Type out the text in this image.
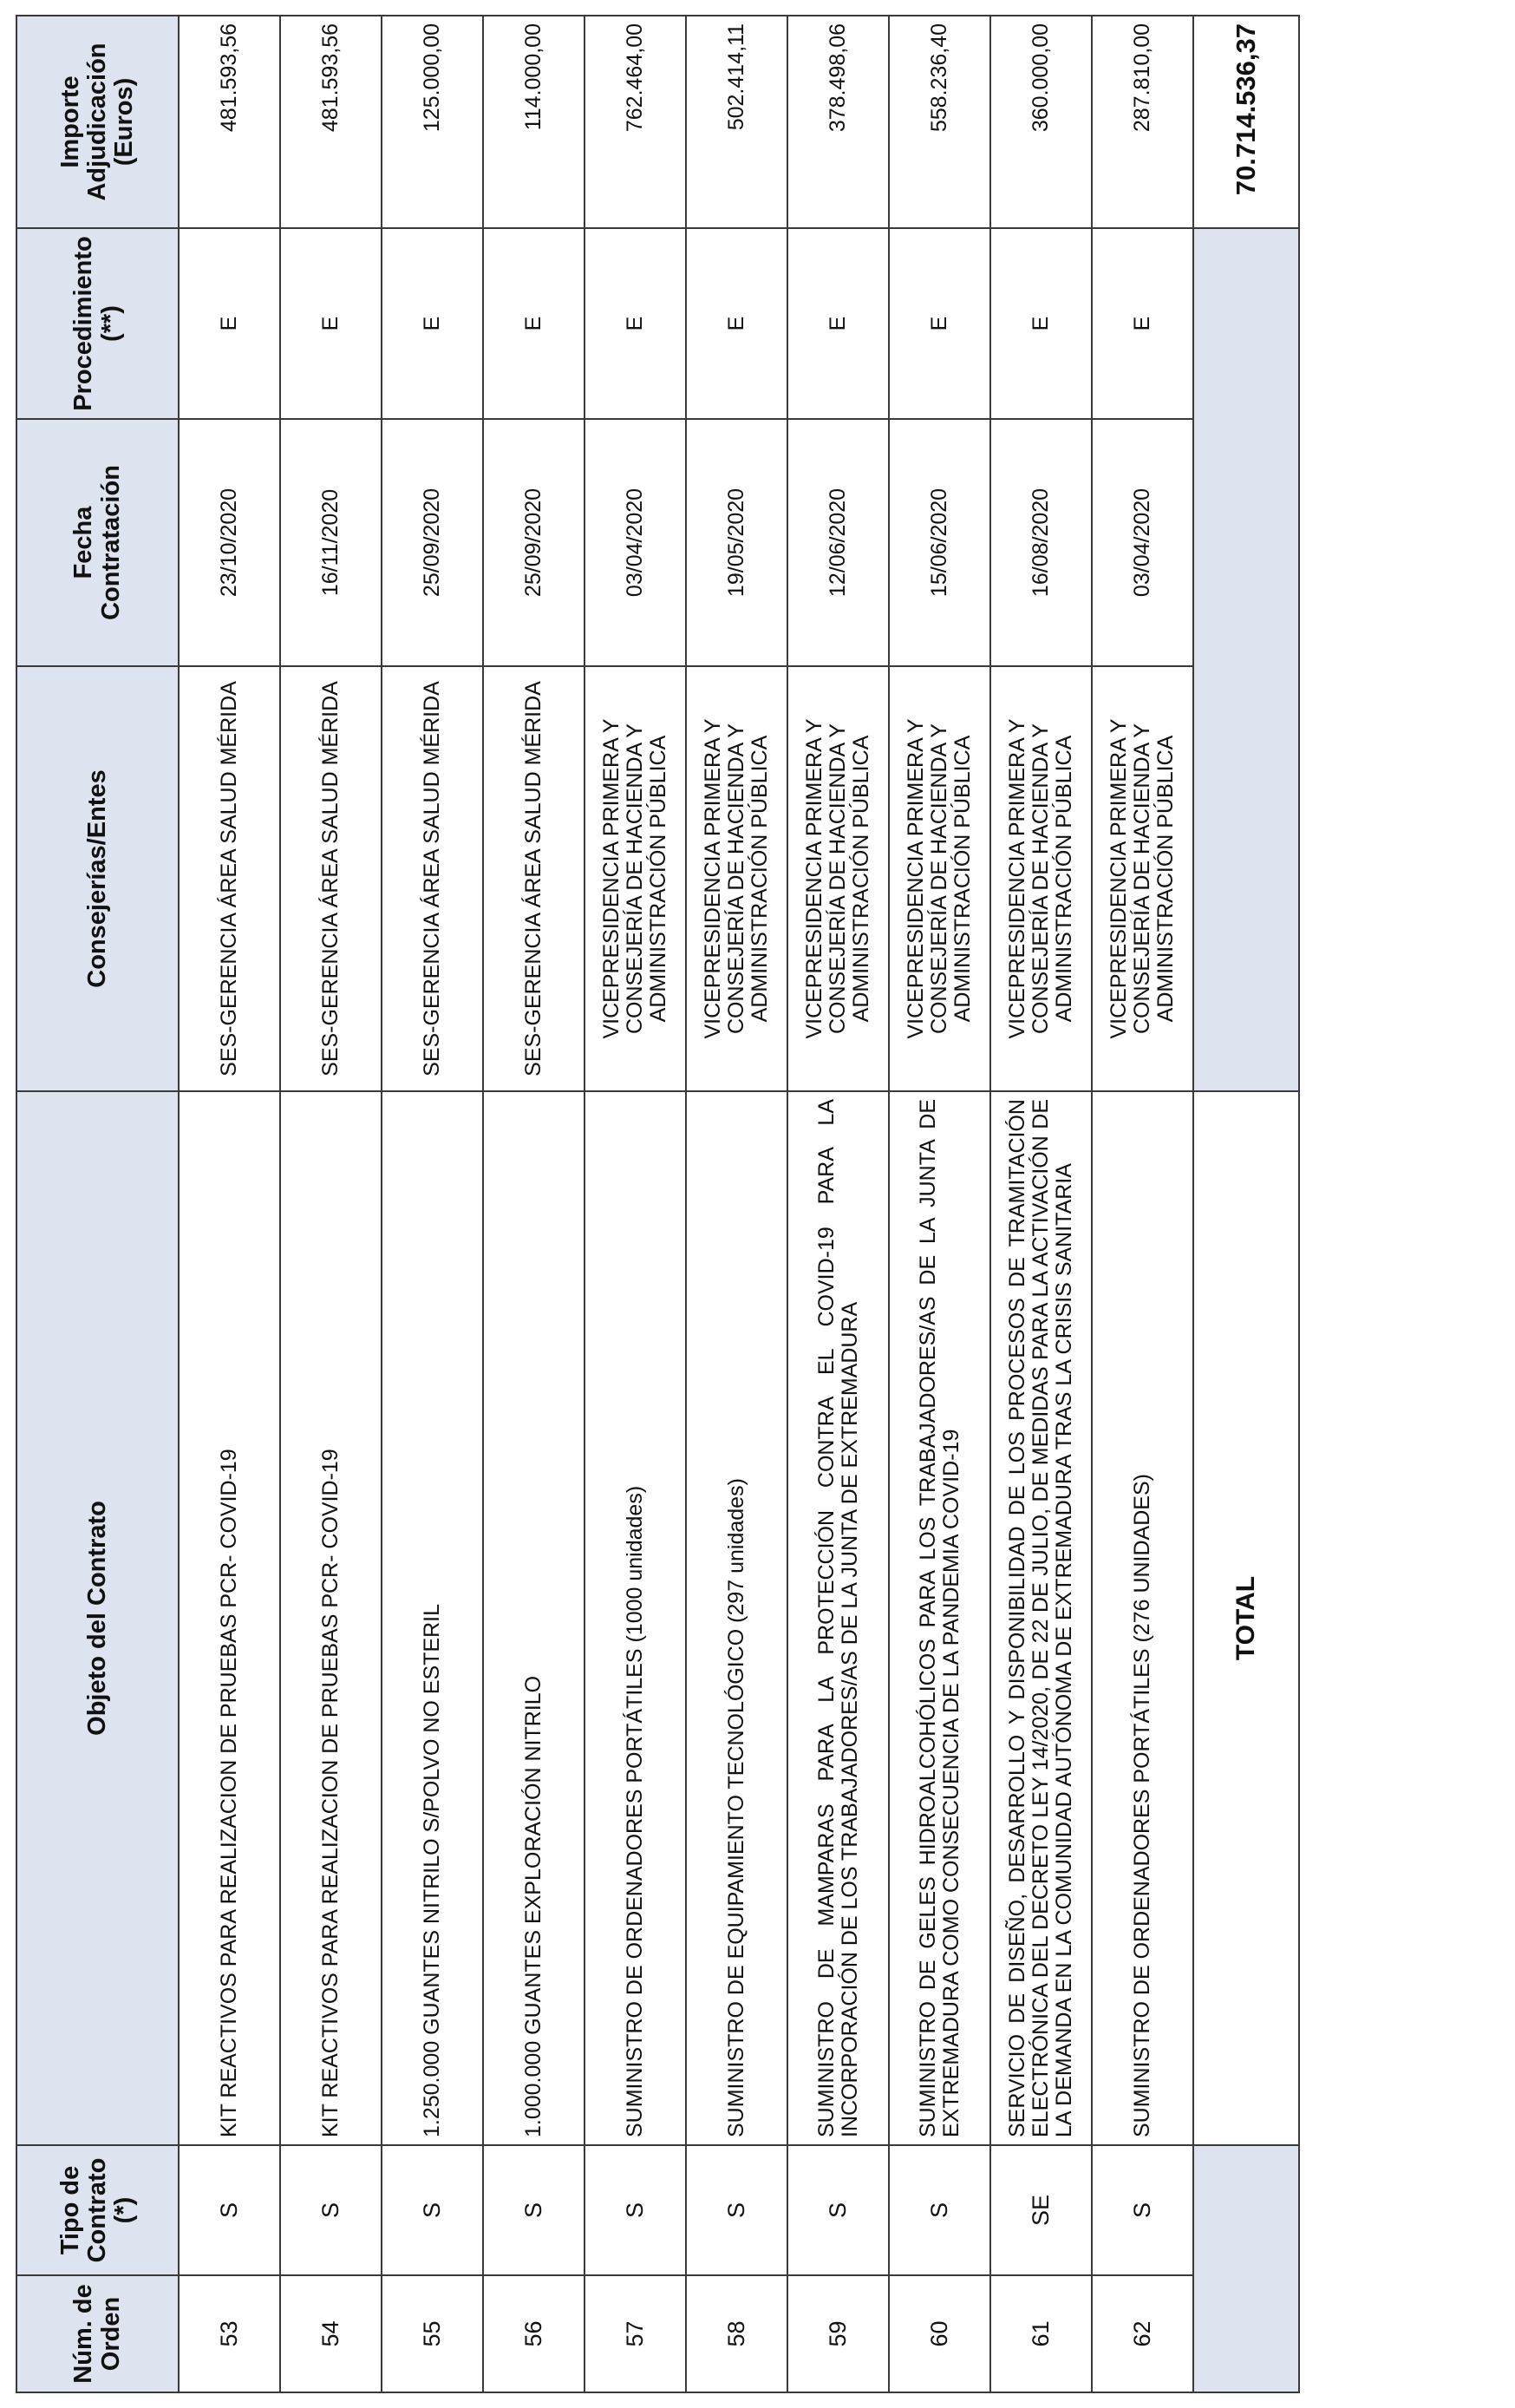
Núm. de Orden	Tipo de Contrato (*)	Objeto del Contrato	Consejerías/Entes	Fecha Contratación	Procedimiento (**)	Importe Adjudicación (Euros)
53	S	KIT REACTIVOS PARA REALIZACION DE PRUEBAS PCR- COVID-19	SES-GERENCIA ÁREA SALUD MÉRIDA	23/10/2020	E	481.593,56
54	S	KIT REACTIVOS PARA REALIZACION DE PRUEBAS PCR- COVID-19	SES-GERENCIA ÁREA SALUD MÉRIDA	16/11/2020	E	481.593,56
55	S	1.250.000 GUANTES NITRILO S/POLVO NO ESTERIL	SES-GERENCIA ÁREA SALUD MÉRIDA	25/09/2020	E	125.000,00
56	S	1.000.000 GUANTES EXPLORACIÓN NITRILO	SES-GERENCIA ÁREA SALUD MÉRIDA	25/09/2020	E	114.000,00
57	S	SUMINISTRO DE ORDENADORES PORTÁTILES (1000 unidades)	VICEPRESIDENCIA PRIMERA Y CONSEJERÍA DE HACIENDA Y ADMINISTRACIÓN PÚBLICA	03/04/2020	E	762.464,00
58	S	SUMINISTRO DE EQUIPAMIENTO TECNOLÓGICO (297 unidades)	VICEPRESIDENCIA PRIMERA Y CONSEJERÍA DE HACIENDA Y ADMINISTRACIÓN PÚBLICA	19/05/2020	E	502.414,11
59	S	SUMINISTRO DE MAMPARAS PARA LA PROTECCIÓN CONTRA EL COVID-19 PARA LA INCORPORACIÓN DE LOS TRABAJADORES/AS DE LA JUNTA DE EXTREMADURA	VICEPRESIDENCIA PRIMERA Y CONSEJERÍA DE HACIENDA Y ADMINISTRACIÓN PÚBLICA	12/06/2020	E	378.498,06
60	S	SUMINISTRO DE GELES HIDROALCOHÓLICOS PARA LOS TRABAJADORES/AS DE LA JUNTA DE EXTREMADURA COMO CONSECUENCIA DE LA PANDEMIA COVID-19	VICEPRESIDENCIA PRIMERA Y CONSEJERÍA DE HACIENDA Y ADMINISTRACIÓN PÚBLICA	15/06/2020	E	558.236,40
61	SE	SERVICIO DE DISEÑO, DESARROLLO Y DISPONIBILIDAD DE LOS PROCESOS DE TRAMITACIÓN ELECTRÓNICA DEL DECRETO LEY 14/2020, DE 22 DE JULIO, DE MEDIDAS PARA LA ACTIVACIÓN DE LA DEMANDA EN LA COMUNIDAD AUTÓNOMA DE EXTREMADURA TRAS LA CRISIS SANITARIA	VICEPRESIDENCIA PRIMERA Y CONSEJERÍA DE HACIENDA Y ADMINISTRACIÓN PÚBLICA	16/08/2020	E	360.000,00
62	S	SUMINISTRO DE ORDENADORES PORTÁTILES (276 UNIDADES)	VICEPRESIDENCIA PRIMERA Y CONSEJERÍA DE HACIENDA Y ADMINISTRACIÓN PÚBLICA	03/04/2020	E	287.810,00
		TOTAL				70.714.536,37
